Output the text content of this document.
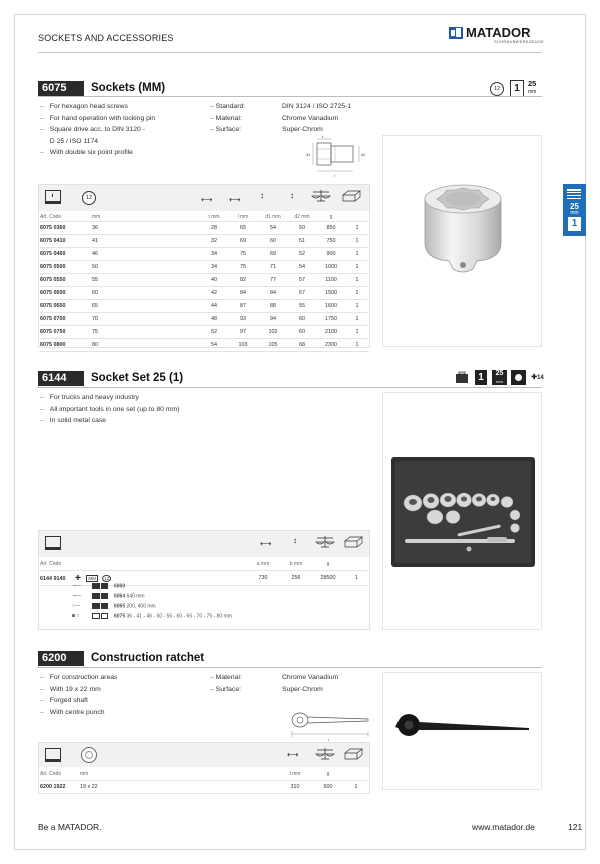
SOCKETS AND ACCESSORIES	MATADOR
SCHRAUBWERKZEUGE
25
mm
1
6075	Sockets (MM)	12	1	25
mm
– For hexagon head screws
– For hand operation with locking pin
– Square drive acc. to DIN 3120 -
D 25 / ISO 1174
– With double six point profile
– Standard:	DIN 3124 / ISO 2725-1
– Material:	Chrome Vanadium
– Surface:	Super-Chrom
d1	d2
t
l
12	⟷ ⟷ ↕	↕
Art. Code	mm	t mm	l mm	d1 mm	d2 mm	g	
6075 0360	36	28	65	54	50	850	1
6075 0410	41	32	69	60	51	750	1
6075 0460	46	34	75	69	52	900	1
6075 0500	50	34	75	71	54	1000	1
6075 0550	55	40	82	77	57	1100	1
6075 0600	60	42	84	84	57	1500	1
6075 0650	65	44	87	88	55	1600	1
6075 0700	70	48	93	94	60	1750	1
6075 0750	75	52	97	102	60	2100	1
6075 0800	80	54	103	105	68	2300	1
6144	Socket Set 25 (1)	1	25
mm
✚14
– For trucks and heavy industry
– All important tools in one set (up to 80 mm)
– In solid metal case
⟷	↕
Art. Code	a mm	b mm	g	
6144 9140 ✚ MM 12	730	256	28500	1
⊸—	6060
⊸—	6064 640 mm
○—	6065 200, 400 mm
◙ ○	6075 36 - 41 - 46 - 50 - 55 - 60 - 65 - 70 - 75 - 80 mm
6200	Construction ratchet
– For construction areas
– With 19 x 22 mm
– Forged shaft
– With centre punch
– Material:	Chrome Vanadium
– Surface:	Super-Chrom
l
⟷
Art. Code	mm	l mm	g	
6200 1922	19 x 22	310	500	1
Be a MATADOR.	www.matador.de	121
